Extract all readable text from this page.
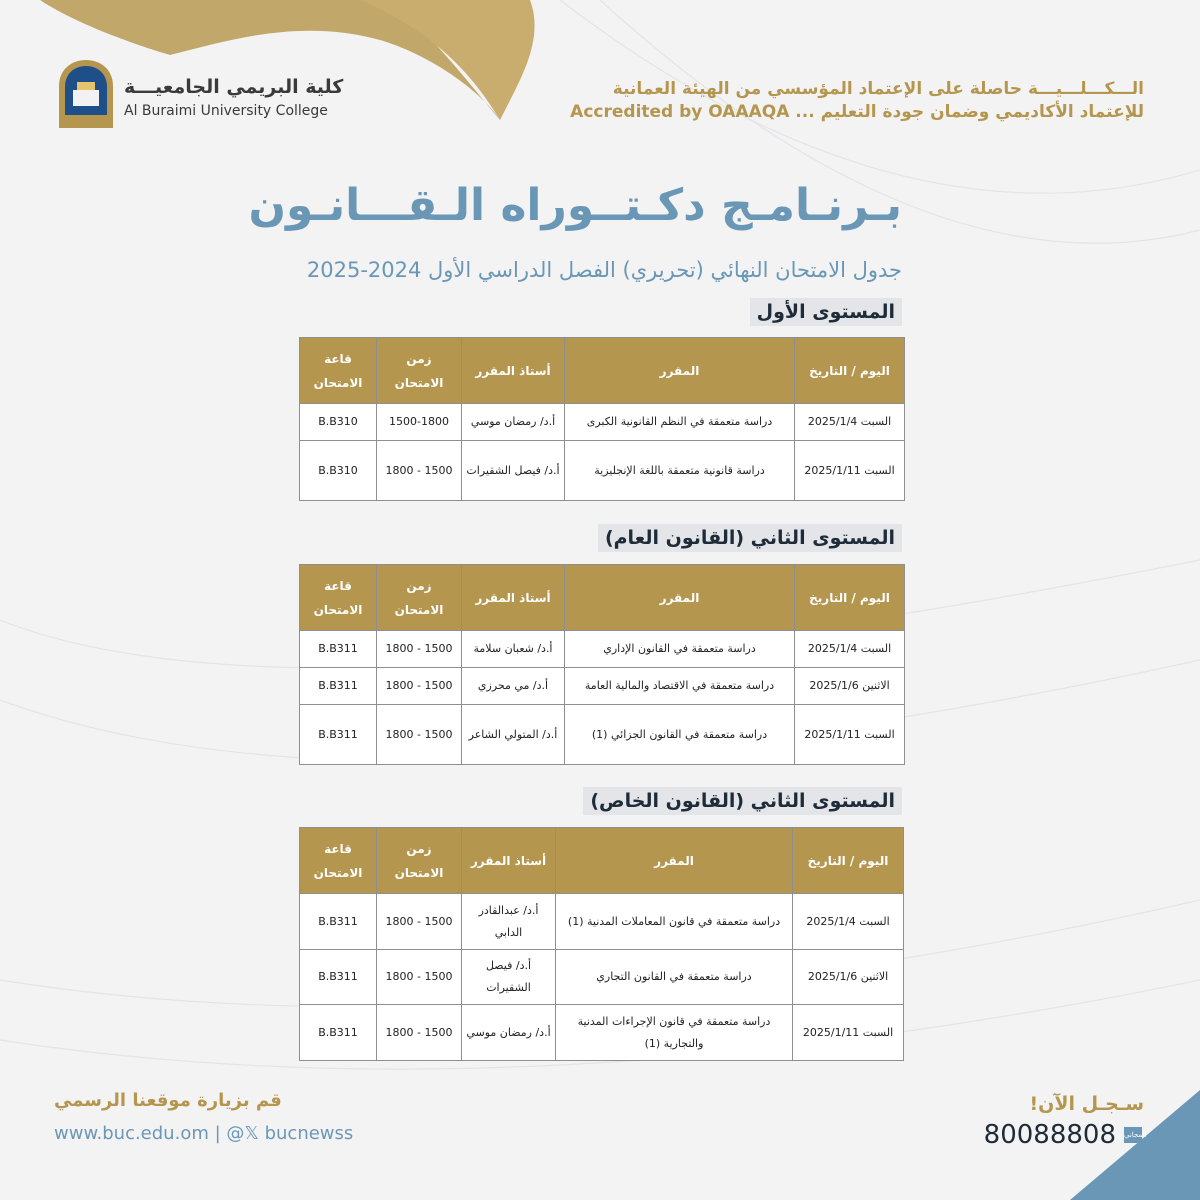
كلية البريمي الجامعيـــة
Al Buraimi University College
الـــكـــلـــيـــة حاصلة على الإعتماد المؤسسي من الهيئة العمانية
للإعتماد الأكاديمي وضمان جودة التعليم ... Accredited by OAAAQA
بـرنـامـج دكـتــوراه الـقـــانـون
جدول الامتحان النهائي (تحريري) الفصل الدراسي الأول 2024-2025
المستوى الأول
اليوم / التاريخ	المقرر	أستاذ المقرر	زمن الامتحان	قاعة الامتحان
السبت 2025/1/4	دراسة متعمقة في النظم القانونية الكبرى	أ.د/ رمضان موسي	1500-1800	B.B310
السبت 2025/1/11	دراسة قانونية متعمقة باللغة الإنجليزية	أ.د/ فيصل الشقيرات	1500 - 1800	B.B310
المستوى الثاني (القانون العام)
اليوم / التاريخ	المقرر	أستاذ المقرر	زمن الامتحان	قاعة الامتحان
السبت 2025/1/4	دراسة متعمقة في القانون الإداري	أ.د/ شعبان سلامة	1500 - 1800	B.B311
الاثنين 2025/1/6	دراسة متعمقة في الاقتصاد والمالية العامة	أ.د/ مي محرزي	1500 - 1800	B.B311
السبت 2025/1/11	دراسة متعمقة في القانون الجزائي (1)	أ.د/ المتولي الشاعر	1500 - 1800	B.B311
المستوى الثاني (القانون الخاص)
اليوم / التاريخ	المقرر	أستاذ المقرر	زمن الامتحان	قاعة الامتحان
السبت 2025/1/4	دراسة متعمقة في قانون المعاملات المدنية (1)	أ.د/ عبدالقادر الدابي	1500 - 1800	B.B311
الاثنين 2025/1/6	دراسة متعمقة في القانون التجاري	أ.د/ فيصل الشقيرات	1500 - 1800	B.B311
السبت 2025/1/11	دراسة متعمقة في قانون الإجراءات المدنية والتجارية (1)	أ.د/ رمضان موسي	1500 - 1800	B.B311
قم بزيارة موقعنا الرسمي
www.buc.edu.om | @𝕏 bucnewss
سـجـل الآن!
80088808 المجاني
